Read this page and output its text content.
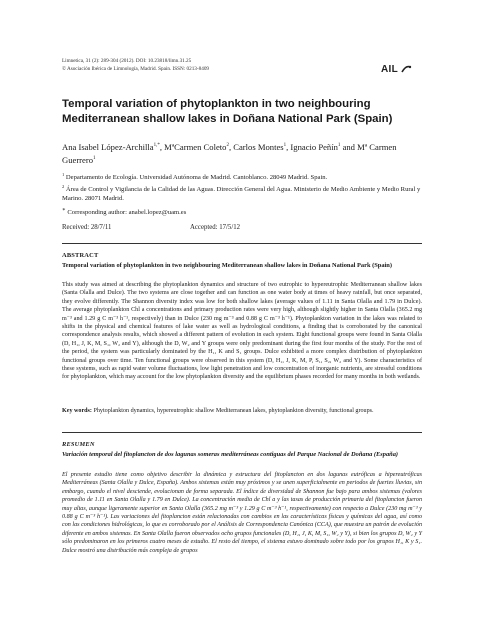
Limnetica, 31 (2): 289-304 (2012). DOI: 10.23818/limn.31.25
© Asociación Ibérica de Limnología, Madrid. Spain. ISSN: 0213-8409	AIL
Temporal variation of phytoplankton in two neighbouring Mediterranean shallow lakes in Doñana National Park (Spain)
Ana Isabel López-Archilla$^{1,*}$, MªCarmen Coleto$^2$, Carlos Montes$^1$, Ignacio Peñín$^1$ and Mª Carmen Guerrero$^1$
$^1$ Departamento de Ecología. Universidad Autónoma de Madrid. Cantoblanco. 28049 Madrid. Spain.
$^2$ Área de Control y Vigilancia de la Calidad de las Aguas. Dirección General del Agua. Ministerio de Medio Ambiente y Medio Rural y Marino. 28071 Madrid.
∗ Corresponding author: anabel.lopez@uam.es
Received: 28/7/11	Accepted: 17/5/12
ABSTRACT
Temporal variation of phytoplankton in two neighbouring Mediterranean shallow lakes in Doñana National Park (Spain)
This study was aimed at describing the phytoplankton dynamics and structure of two eutrophic to hypereutrophic Mediterranean shallow lakes (Santa Olalla and Dulce). The two systems are close together and can function as one water body at times of heavy rainfall, but once separated, they evolve differently. The Shannon diversity index was low for both shallow lakes (average values of 1.11 in Santa Olalla and 1.79 in Dulce). The average phytoplankton Chl a concentrations and primary production rates were very high, although slightly higher in Santa Olalla (365.2 mg m⁻³ and 1.29 g C m⁻³ h⁻¹, respectively) than in Dulce (230 mg m⁻³ and 0.88 g C m⁻³ h⁻¹). Phytoplankton variation in the lakes was related to shifts in the physical and chemical features of lake water as well as hydrological conditions, a finding that is corroborated by the canonical correspondence analysis results, which showed a different pattern of evolution in each system. Eight functional groups were found in Santa Olalla (D, H₁, J, K, M, S₁, W₂ and Y), although the D, W₂ and Y groups were only predominant during the first four months of the study. For the rest of the period, the system was particularly dominated by the H₁, K and S₁ groups. Dulce exhibited a more complex distribution of phytoplankton functional groups over time. Ten functional groups were observed in this system (D, H₁, J, K, M, P, S₁, S₂, W₂ and Y). Some characteristics of these systems, such as rapid water volume fluctuations, low light penetration and low concentration of inorganic nutrients, are stressful conditions for phytoplankton, which may account for the low phytoplankton diversity and the equilibrium phases recorded for many months in both wetlands.
Key words: Phytoplankton dynamics, hypereutrophic shallow Mediterranean lakes, phytoplankton diversity, functional groups.
RESUMEN
Variación temporal del fitoplancton de dos lagunas someras mediterráneas contiguas del Parque Nacional de Doñana (España)
El presente estudio tiene como objetivo describir la dinámica y estructura del fitoplancton en dos lagunas eutróficas a hipereutróficas Mediterráneas (Santa Olalla y Dulce, España). Ambos sistemas están muy próximos y se unen superficialmente en periodos de fuertes lluvias, sin embargo, cuando el nivel desciende, evolucionan de forma separada. El índice de diversidad de Shannon fue bajo para ambos sistemas (valores promedio de 1.11 en Santa Olalla y 1.79 en Dulce). La concentración media de Chl a y las tasas de producción primaria del fitoplancton fueron muy altas, aunque ligeramente superior en Santa Olalla (365.2 mg m⁻³ y 1.29 g C m⁻³ h⁻¹, respectivamente) con respecto a Dulce (230 mg m⁻³ y 0.88 g C m⁻³ h⁻¹). Las variaciones del fitoplancton están relacionadas con cambios en las características físicas y químicas del agua, así como con las condiciones hidrológicas, lo que es corroborado por el Análisis de Correspondencia Canónica (CCA), que muestra un patrón de evolución diferente en ambos sistemas. En Santa Olalla fueron observados ocho grupos funcionales (D, H₁, J, K, M, S₁, W₂ y Y), si bien los grupos D, W₂ y Y sólo predominaron en los primeros cuatro meses de estudio. El resto del tiempo, el sistema estuvo dominado sobre todo por los grupos H₁, K y S₁. Dulce mostró una distribución más compleja de grupos
